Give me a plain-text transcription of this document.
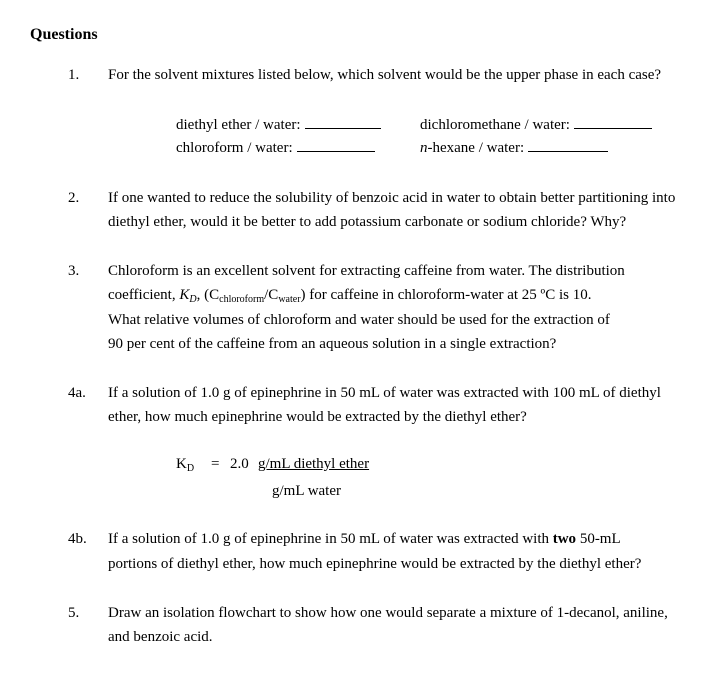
Questions
1. For the solvent mixtures listed below, which solvent would be the upper phase in each case?
diethyl ether / water:	dichloromethane / water:
chloroform / water:	n-hexane / water:
2. If one wanted to reduce the solubility of benzoic acid in water to obtain better partitioning into
diethyl ether, would it be better to add potassium carbonate or sodium chloride? Why?
3. Chloroform is an excellent solvent for extracting caffeine from water. The distribution
coefficient, $K_D$, $(C_{chloroform}/C_{water})$ for caffeine in chloroform-water at 25 ºC is 10.
What relative volumes of chloroform and water should be used for the extraction of
90 per cent of the caffeine from an aqueous solution in a single extraction?
4a. If a solution of 1.0 g of epinephrine in 50 mL of water was extracted with 100 mL of diethyl
ether, how much epinephrine would be extracted by the diethyl ether?
$K_D = 2.0$ g/mL diethyl ether
g/mL water
4b. If a solution of 1.0 g of epinephrine in 50 mL of water was extracted with two 50-mL
portions of diethyl ether, how much epinephrine would be extracted by the diethyl ether?
5. Draw an isolation flowchart to show how one would separate a mixture of 1-decanol, aniline,
and benzoic acid.
